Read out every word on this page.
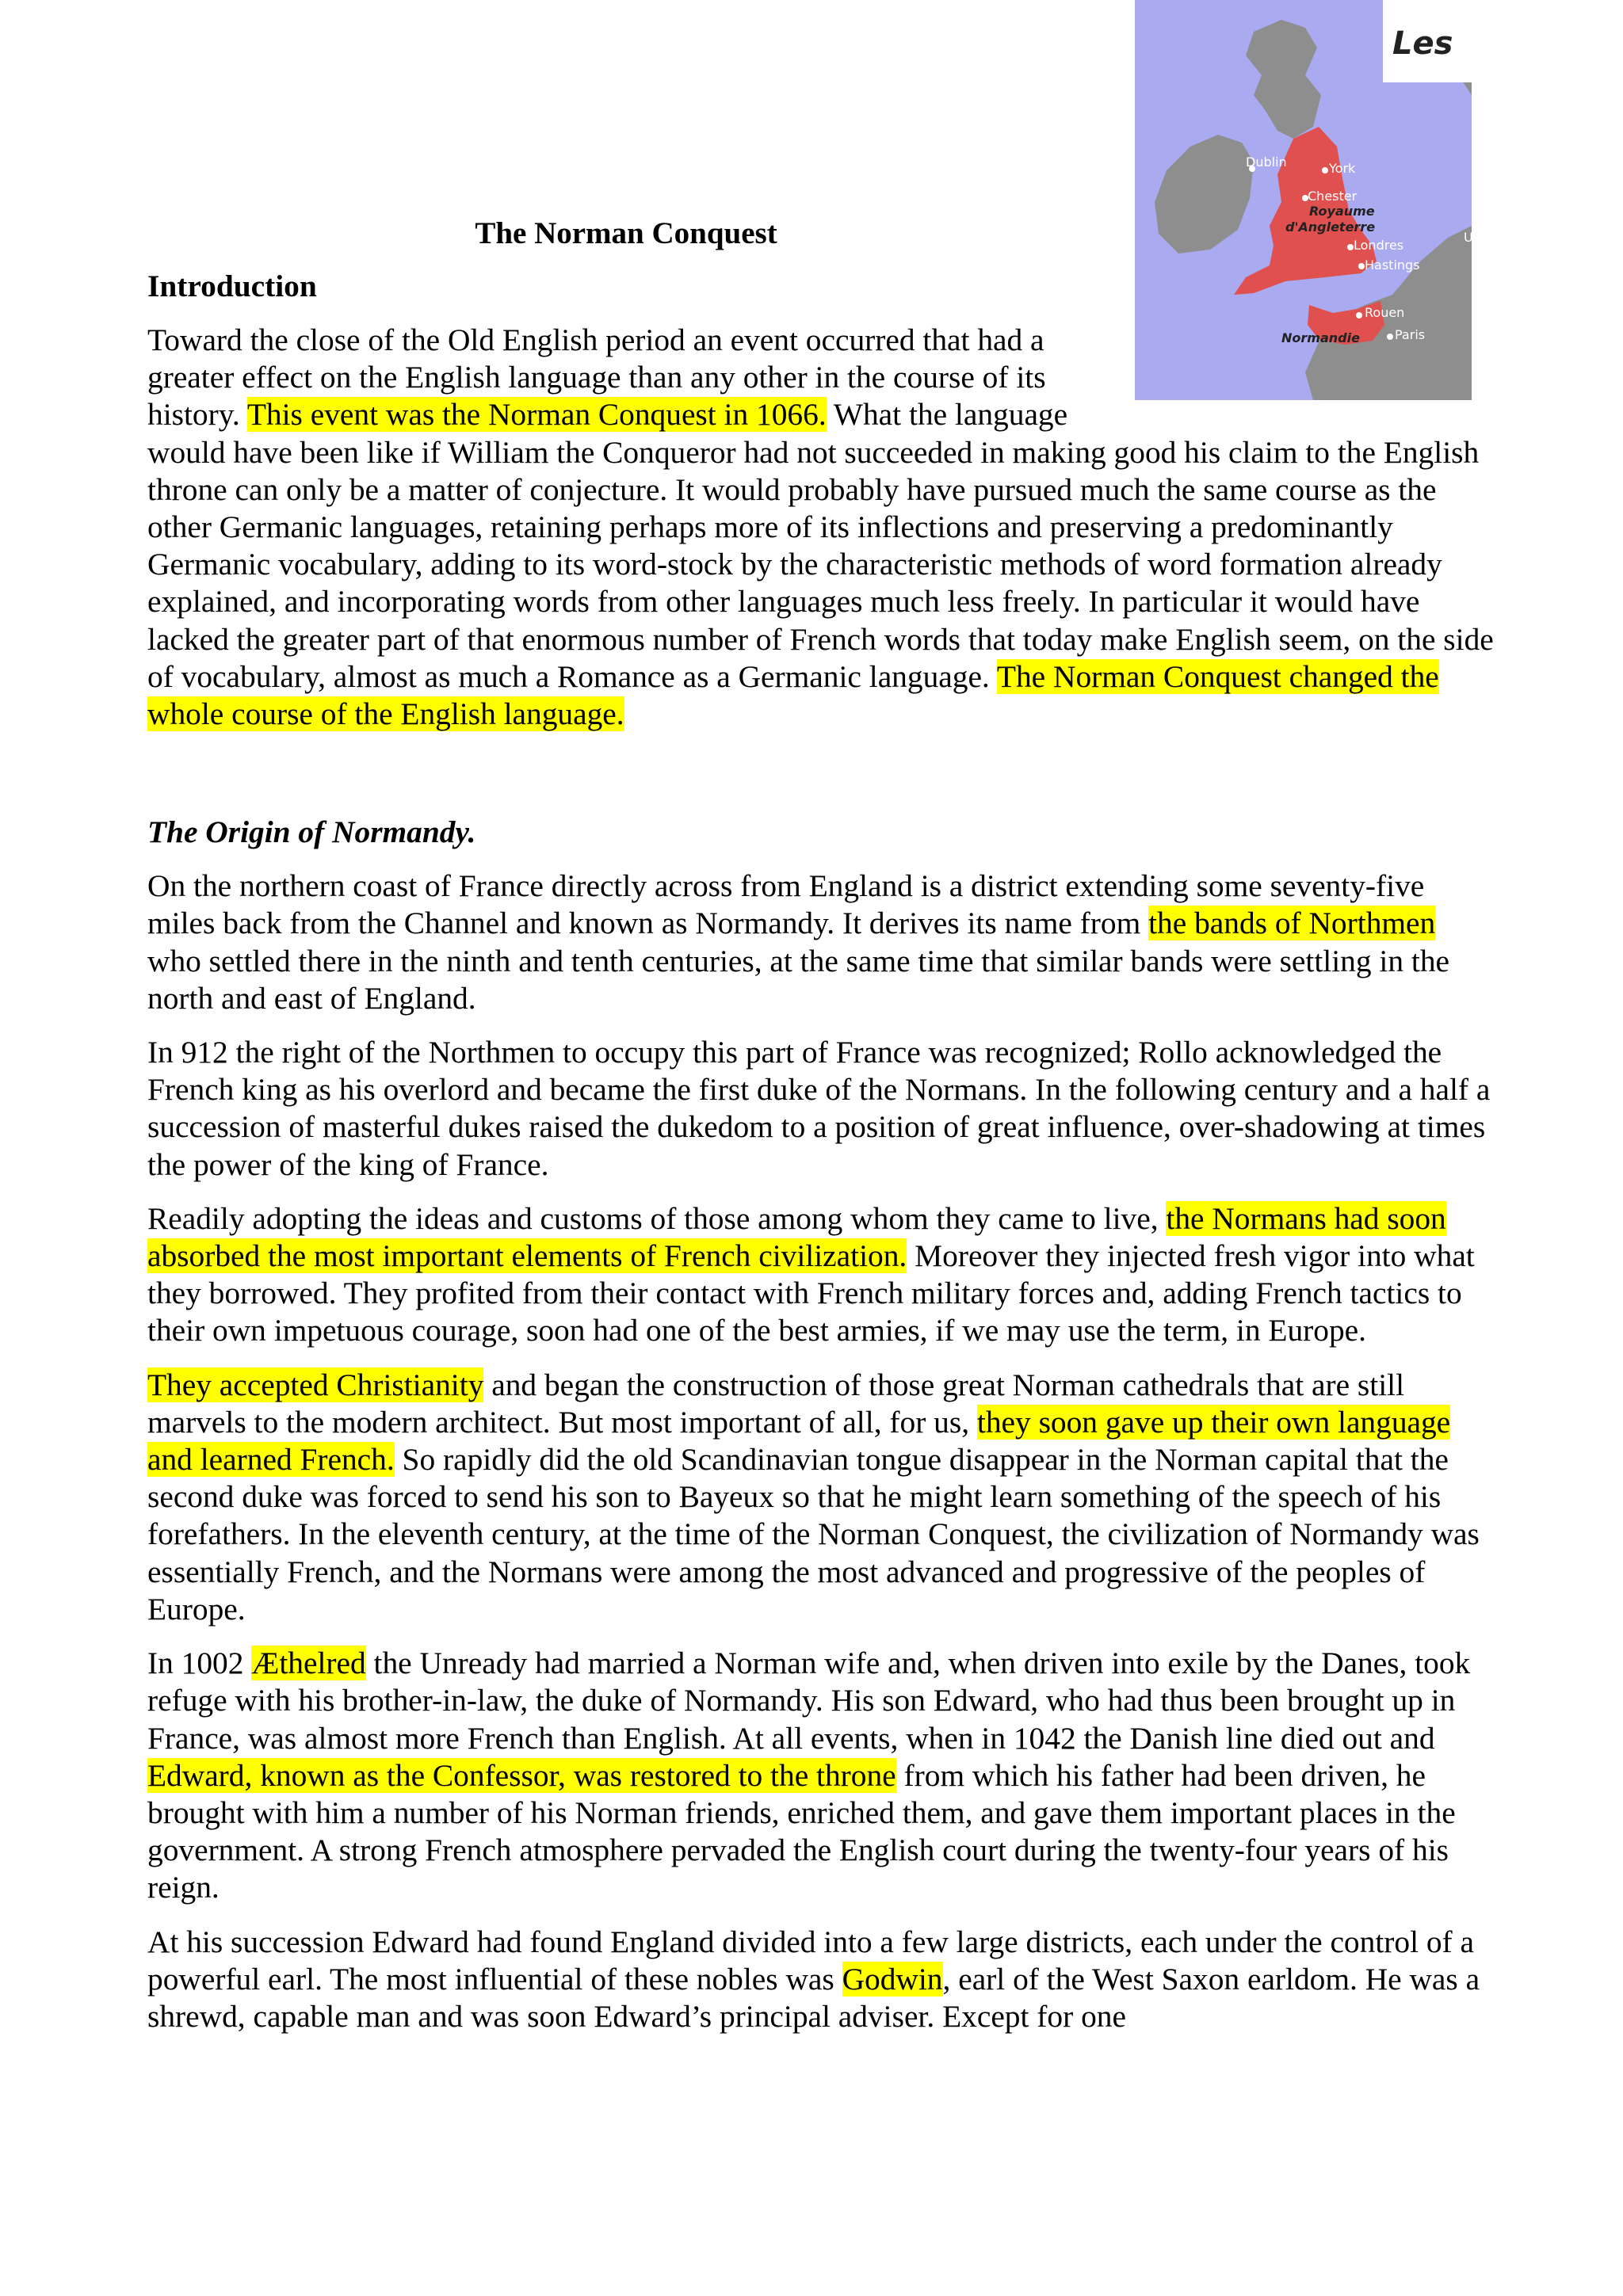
Les
Dublin	York
Chester
Royaume
d'Angleterre
Londres
Hastings
Rouen
Normandie	Paris
U
The Norman Conquest
Introduction

Toward the close of the Old English period an event occurred that had a greater effect on the English language than any other in the course of its history. This event was the Norman Conquest in 1066. What the language would have been like if William the Conqueror had not succeeded in making good his claim to the English throne can only be a matter of conjecture. It would probably have pursued much the same course as the other Germanic languages, retaining perhaps more of its inflections and preserving a predominantly Germanic vocabulary, adding to its word-stock by the characteristic methods of word formation already explained, and incorporating words from other languages much less freely. In particular it would have lacked the greater part of that enormous number of French words that today make English seem, on the side of vocabulary, almost as much a Romance as a Germanic language. The Norman Conquest changed the whole course of the English language.

The Origin of Normandy.

On the northern coast of France directly across from England is a district extending some seventy-five miles back from the Channel and known as Normandy. It derives its name from the bands of Northmen who settled there in the ninth and tenth centuries, at the same time that similar bands were settling in the north and east of England.

In 912 the right of the Northmen to occupy this part of France was recognized; Rollo acknowledged the French king as his overlord and became the first duke of the Normans. In the following century and a half a succession of masterful dukes raised the dukedom to a position of great influence, over-shadowing at times the power of the king of France.

Readily adopting the ideas and customs of those among whom they came to live, the Normans had soon absorbed the most important elements of French civilization. Moreover they injected fresh vigor into what they borrowed. They profited from their contact with French military forces and, adding French tactics to their own impetuous courage, soon had one of the best armies, if we may use the term, in Europe.

They accepted Christianity and began the construction of those great Norman cathedrals that are still marvels to the modern architect. But most important of all, for us, they soon gave up their own language and learned French. So rapidly did the old Scandinavian tongue disappear in the Norman capital that the second duke was forced to send his son to Bayeux so that he might learn something of the speech of his forefathers. In the eleventh century, at the time of the Norman Conquest, the civilization of Normandy was essentially French, and the Normans were among the most advanced and progressive of the peoples of Europe.

In 1002 Æthelred the Unready had married a Norman wife and, when driven into exile by the Danes, took refuge with his brother-in-law, the duke of Normandy. His son Edward, who had thus been brought up in France, was almost more French than English. At all events, when in 1042 the Danish line died out and Edward, known as the Confessor, was restored to the throne from which his father had been driven, he brought with him a number of his Norman friends, enriched them, and gave them important places in the government. A strong French atmosphere pervaded the English court during the twenty-four years of his reign.

At his succession Edward had found England divided into a few large districts, each under the control of a powerful earl. The most influential of these nobles was Godwin, earl of the West Saxon earldom. He was a shrewd, capable man and was soon Edward’s principal adviser. Except for one
